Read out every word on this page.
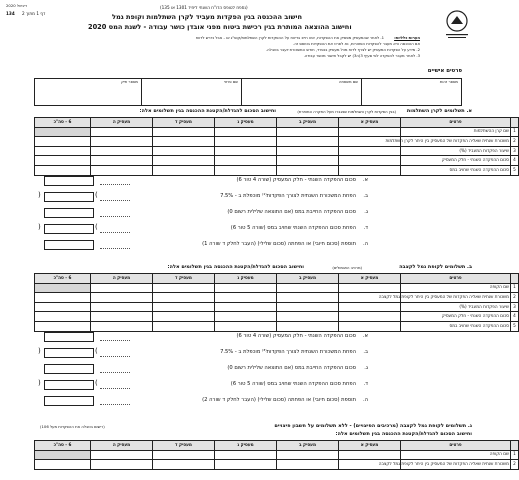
דיגיטל 2020
134 דף 1 מתוך 2
(נספח לטופס הדו"ח השנתי ליחיד 1301 או 135)
חישוב ההכנסה בגין הפקדות מעביד לקרן השתלמות וקופת גמל
וחישוב ההוצאה המותרת בגין רכישת ביטוח מפני אובדן כושר עבודה - לשנת המס 2020
הערות כלליות:
1. לאחר שהמעסיק מפסיק את ההפקדות, אינו חייב בדיווח על ההפקדות לקרן השתלמות/קופ"ג או - אבל נדרש לדווח
אם ההכנסה היא מעבר להפקדות הפטורות, נא לפרט את ההפקדות בטופס זה.
2. מידע על הפקדות המעסיק יש לצרף לדוח מכל מעסיק בנפרד, חודש המשכורת יועבר בטבלה.
3. לאחר מעבר להפקדה לפי סעיף 3(ה3) יש לקבל אישור מכשר עבודה.
פרטים אישיים
מספר זהות
שם משפחה
שם פרטי
מספר תיק
א. תשלומים לקרן השתלמות
(בגין הפקדות לקרן השתלמות שנצברו מעל התקרה המותרת)
וחישוב הסכום להגדלת/הקטנת ההכנסה בגין תשלומים אלה:
	פרטים	מעסיק א	מעסיק ב	מעסיק ג	מעסיק ד	מעסיק ה	6 - סה"כ
1	שם קרן ההשתלמות						
2	משכורת שנתית שאליה הפקדות של המעסיק בין היתר לקרן השתלמות						
3	שיעור הפקדות המעביד (%)						
4	סכום ההפקדה השנתי - חלק המעסיק						
5	סכום ההפקדה השנתי שחויב במס						
א.
סכום ההפקדה השנתי - חלק המעסיק (שורה 4 טור 6)
ב.
הפחת המשכורת השנתית לצורך הפקדות⁽¹⁾ מוכפלת ב - 7.5%
(	)
ג.
סכום ההפקדה החייבת במס (אם התוצאה שלילית רשום 0)
ד.
הפחת סכום ההפקדה השנתי שחויב במס (שורה 5 טור 6)
(	)
ה.
תוספת (סכום חיובי) או הפחתה (סכום שלילי) (העבר לחלק ד שורה 1)
ב. תשלומים לקופת גמל לקצבה
(מרכיב התגמולים)
וחישוב הסכום להגדלת/הקטנת ההכנסה בגין תשלומים אלה:
	פרטים	מעסיק א	מעסיק ב	מעסיק ג	מעסיק ד	מעסיק ה	6 - סה"כ
1	שם הקופה						
2	משכורת שנתית שאליה הפקדות של המעסיק בין היתר לקופת גמל לקצבה						
3	שיעור הפקדות המעביד (%)						
4	סכום ההפקדה השנתי - חלק המעסיק						
5	סכום ההפקדה השנתי שחויב במס						
א.
סכום ההפקדה השנתי - חלק המעסיק (שורה 4 טור 6)
ב.
הפחת המשכורת השנתית לצורך הפקדות⁽³⁾ מוכפלת ב - 7.5%
(	)
ג.
סכום ההפקדה החייבת במס (אם התוצאה שלילית רשום 0)
ד.
הפחת סכום ההפקדה השנתי שחויב במס (שורה 5 טור 6)
(	)
ה.
תוספת (סכום חיובי) או הפחתה (סכום שלילי) (העבר לחלק ד שורה 2)
ג. תשלומים לקופת גמל לקצבה (מרכיבים הפיצויים) - ללא תשלומים על חשבון פיצויים
(רישום בטבלה את ההפקדות מעל 106)
וחישוב הסכום להגדלת/הקטנת ההכנסה בגין תשלומים אלה:
	פרטים	מעסיק א	מעסיק ב	מעסיק ג	מעסיק ד	מעסיק ה	6 - סה"כ
1	שם הקופה						
2	משכורת שנתית שאליה הפקדות של המעסיק בין היתר לקופת גמל לקצבה						
